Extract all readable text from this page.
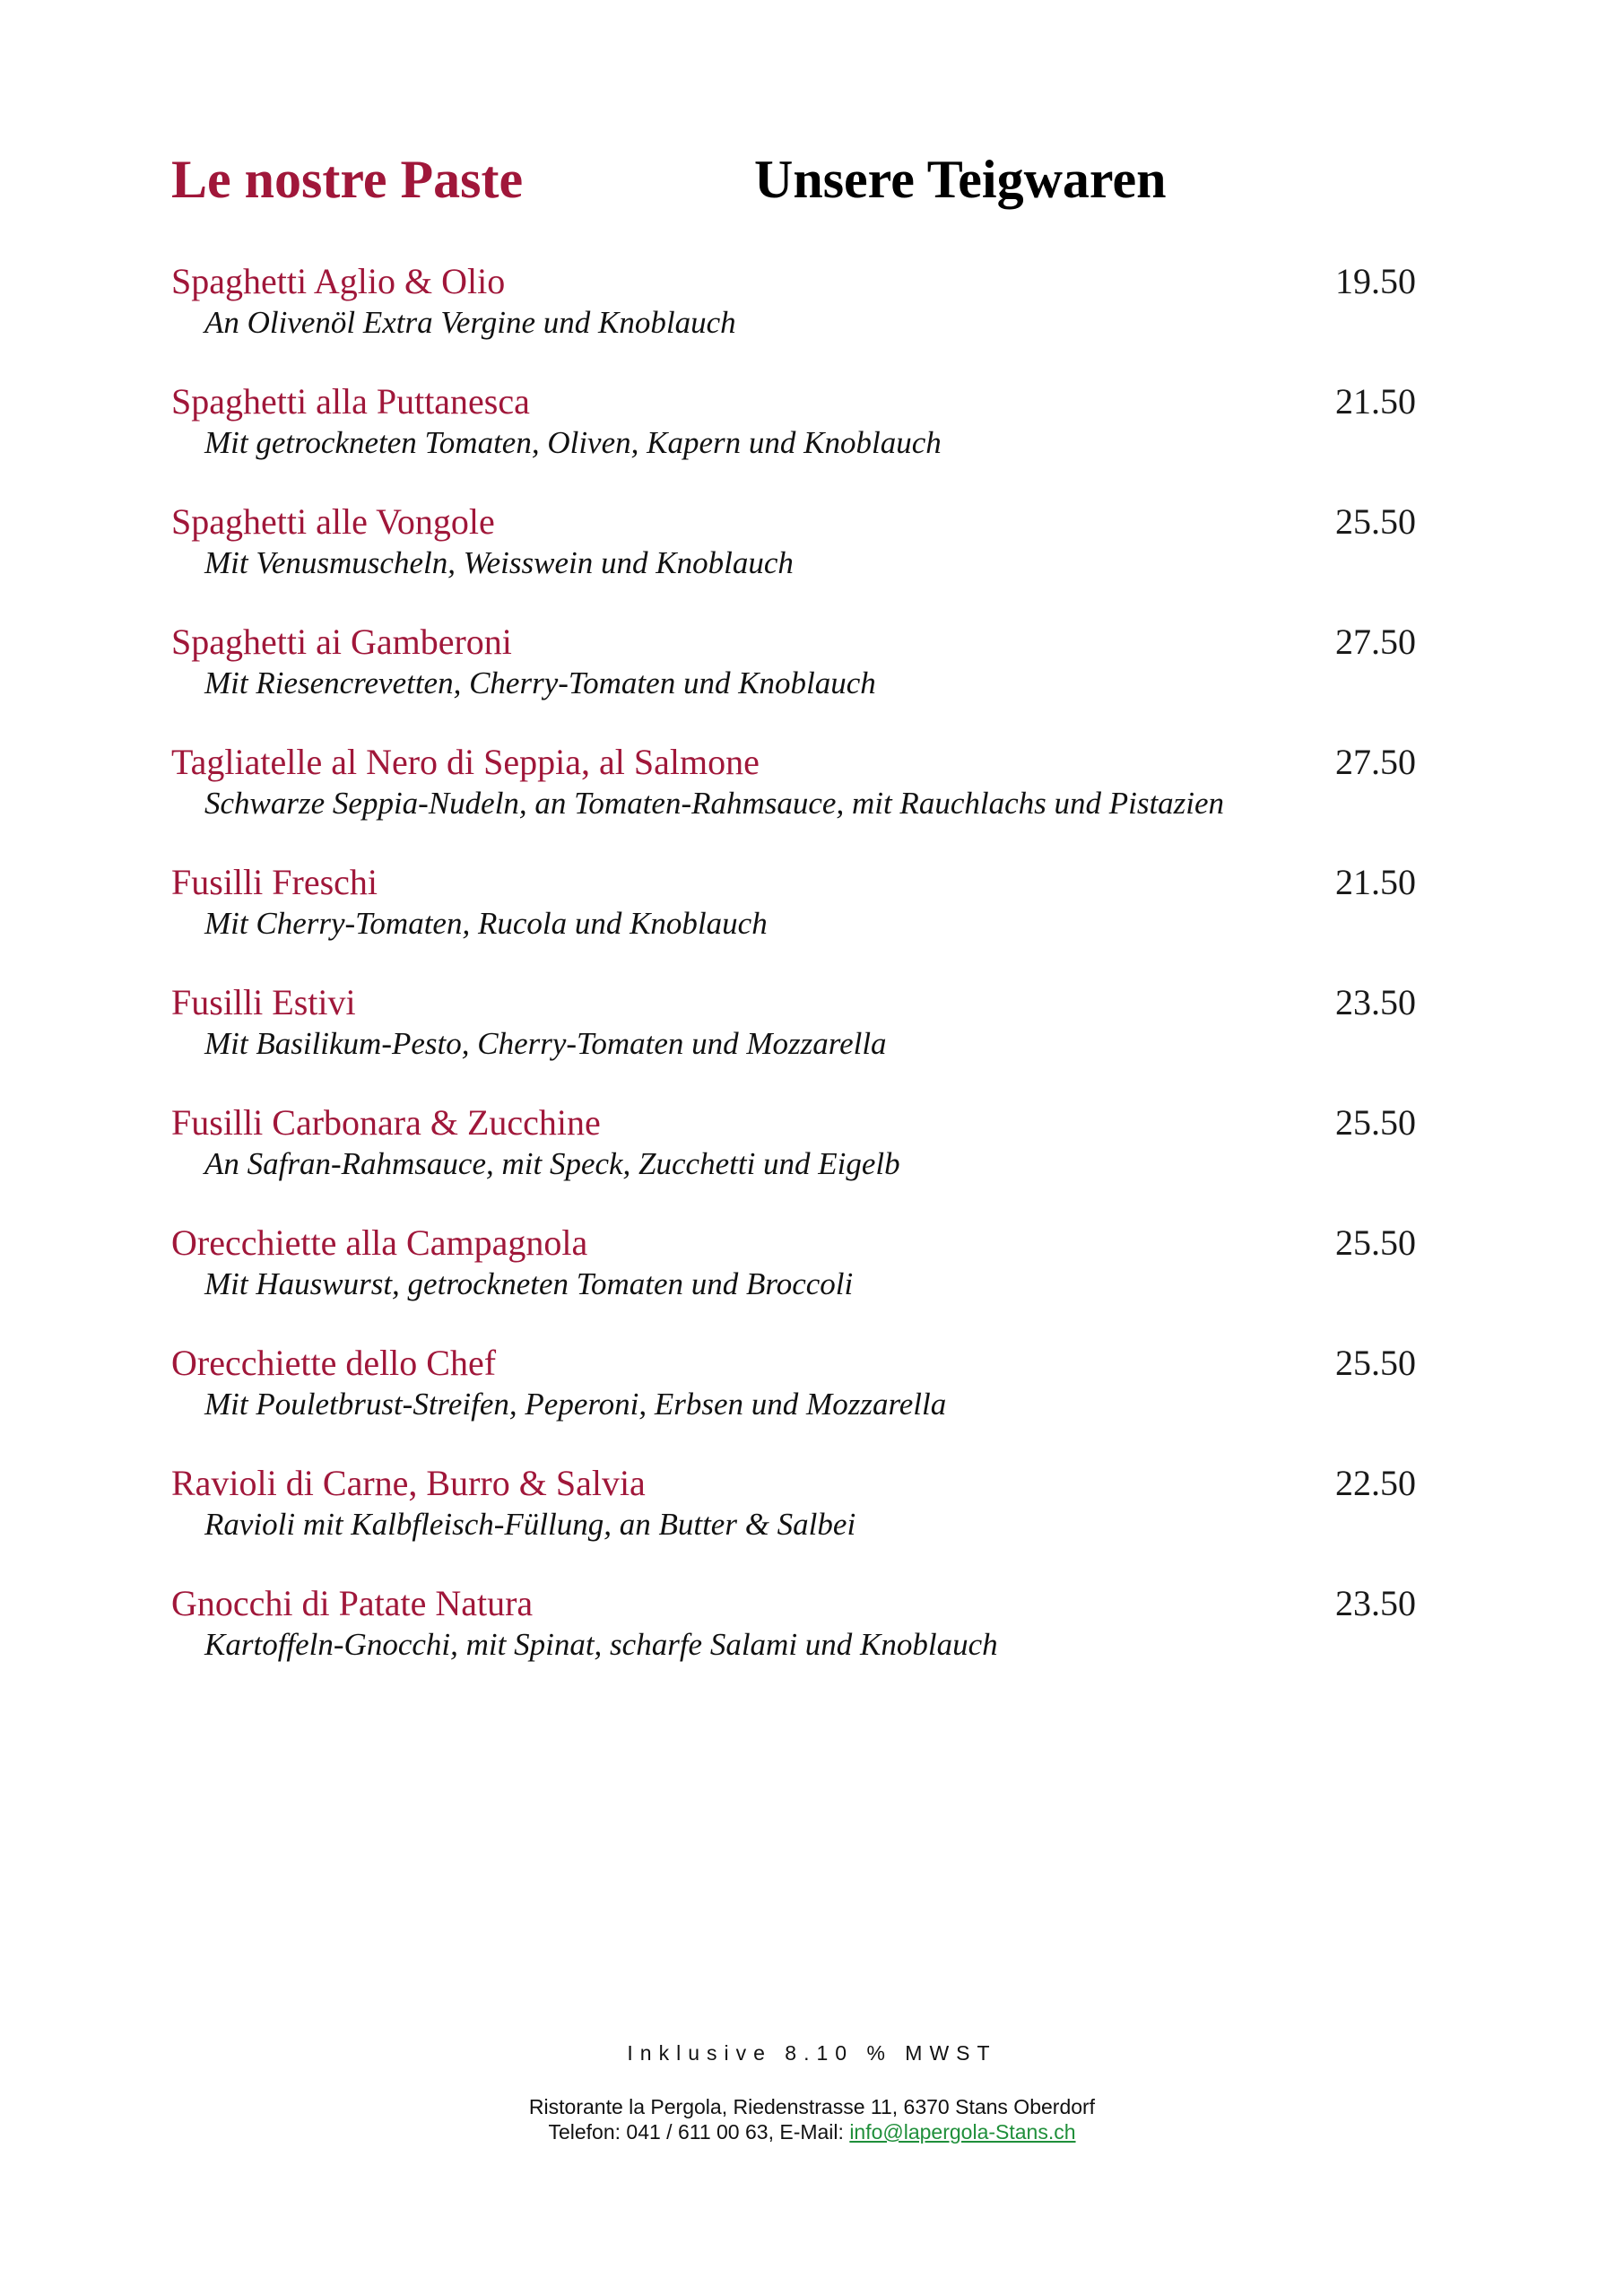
Le nostre Paste	Unsere Teigwaren
Spaghetti Aglio & Olio	19.50
An Olivenöl Extra Vergine und Knoblauch
Spaghetti alla Puttanesca	21.50
Mit getrockneten Tomaten, Oliven, Kapern und Knoblauch
Spaghetti alle Vongole	25.50
Mit Venusmuscheln, Weisswein und Knoblauch
Spaghetti ai Gamberoni	27.50
Mit Riesencrevetten, Cherry-Tomaten und Knoblauch
Tagliatelle al Nero di Seppia, al Salmone	27.50
Schwarze Seppia-Nudeln, an Tomaten-Rahmsauce, mit Rauchlachs und Pistazien
Fusilli Freschi	21.50
Mit Cherry-Tomaten, Rucola und Knoblauch
Fusilli Estivi	23.50
Mit Basilikum-Pesto, Cherry-Tomaten und Mozzarella
Fusilli Carbonara & Zucchine	25.50
An Safran-Rahmsauce, mit Speck, Zucchetti und Eigelb
Orecchiette alla Campagnola	25.50
Mit Hauswurst, getrockneten Tomaten und Broccoli
Orecchiette dello Chef	25.50
Mit Pouletbrust-Streifen, Peperoni, Erbsen und Mozzarella
Ravioli di Carne, Burro & Salvia	22.50
Ravioli mit Kalbfleisch-Füllung, an Butter & Salbei
Gnocchi di Patate Natura	23.50
Kartoffeln-Gnocchi, mit Spinat, scharfe Salami und Knoblauch
Inklusive 8.10 % MWST
Ristorante la Pergola, Riedenstrasse 11, 6370 Stans Oberdorf
Telefon: 041 / 611 00 63, E-Mail: info@lapergola-Stans.ch
